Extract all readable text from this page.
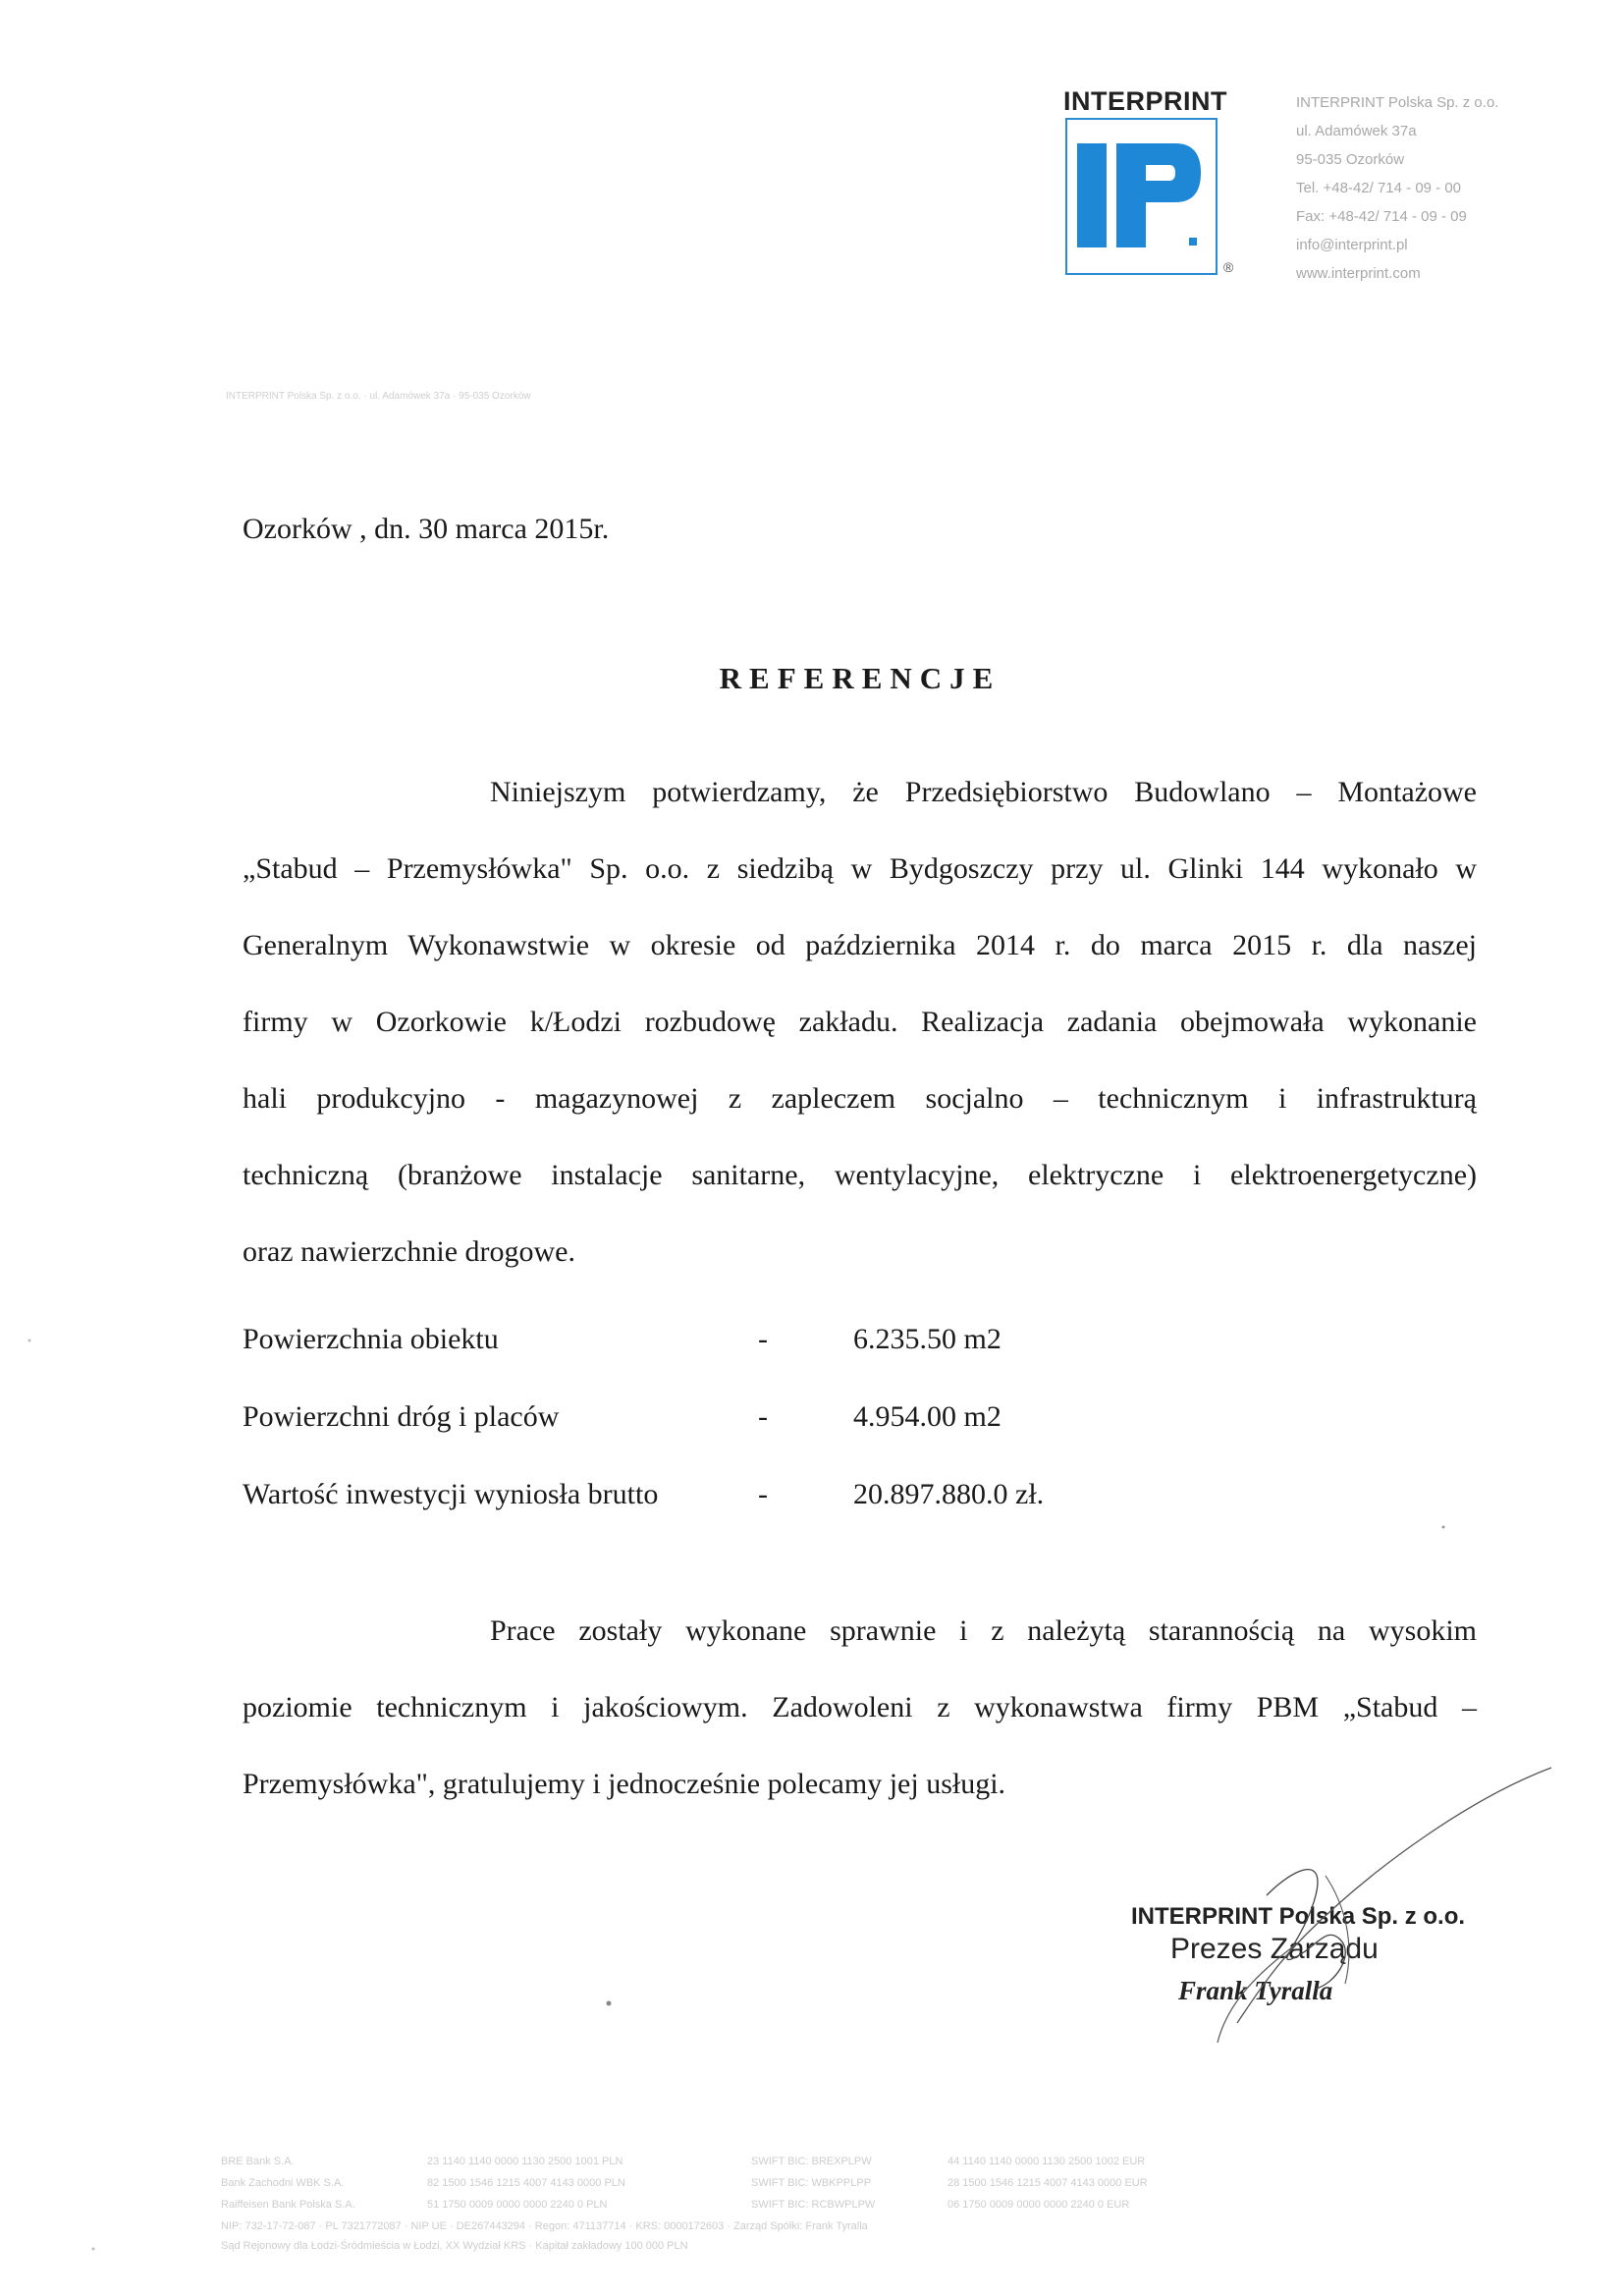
INTERPRINT
®
INTERPRINT Polska Sp. z o.o.
ul. Adamówek 37a
95-035 Ozorków
Tel. +48-42/ 714 - 09 - 00
Fax: +48-42/ 714 - 09 - 09
info@interprint.pl
www.interprint.com
INTERPRINT Polska Sp. z o.o. · ul. Adamówek 37a · 95-035 Ozorków
Ozorków , dn. 30 marca 2015r.
REFERENCJE
Niniejszym potwierdzamy, że Przedsiębiorstwo Budowlano – Montażowe
„Stabud – Przemysłówka" Sp. o.o. z siedzibą w Bydgoszczy przy ul. Glinki 144 wykonało w
Generalnym Wykonawstwie w okresie od października 2014 r. do marca 2015 r. dla naszej
firmy w Ozorkowie k/Łodzi rozbudowę zakładu. Realizacja zadania obejmowała wykonanie
hali produkcyjno - magazynowej z zapleczem socjalno – technicznym i infrastrukturą
techniczną (branżowe instalacje sanitarne, wentylacyjne, elektryczne i elektroenergetyczne)
oraz nawierzchnie drogowe.
Powierzchnia obiektu	-	6.235.50 m2
Powierzchni dróg i placów	-	4.954.00 m2
Wartość inwestycji wyniosła brutto	-	20.897.880.0 zł.
Prace zostały wykonane sprawnie i z należytą starannością na wysokim
poziomie technicznym i jakościowym. Zadowoleni z wykonawstwa firmy PBM „Stabud –
Przemysłówka", gratulujemy i jednocześnie polecamy jej usługi.
INTERPRINT Polska Sp. z o.o.
Prezes Zarządu
Frank Tyralla
BRE Bank S.A.	23 1140 1140 0000 1130 2500 1001 PLN	SWIFT BIC: BREXPLPW	44 1140 1140 0000 1130 2500 1002 EUR
Bank Zachodni WBK S.A.	82 1500 1546 1215 4007 4143 0000 PLN	SWIFT BIC: WBKPPLPP	28 1500 1546 1215 4007 4143 0000 EUR
Raiffeisen Bank Polska S.A.	51 1750 0009 0000 0000 2240 0 PLN	SWIFT BIC: RCBWPLPW	06 1750 0009 0000 0000 2240 0 EUR
NIP: 732-17-72-087 · PL 7321772087 · NIP UE · DE267443294 · Regon: 471137714 · KRS: 0000172603 · Zarząd Spółki: Frank Tyralla
Sąd Rejonowy dla Łodzi-Śródmieścia w Łodzi, XX Wydział KRS · Kapitał zakładowy 100 000 PLN
